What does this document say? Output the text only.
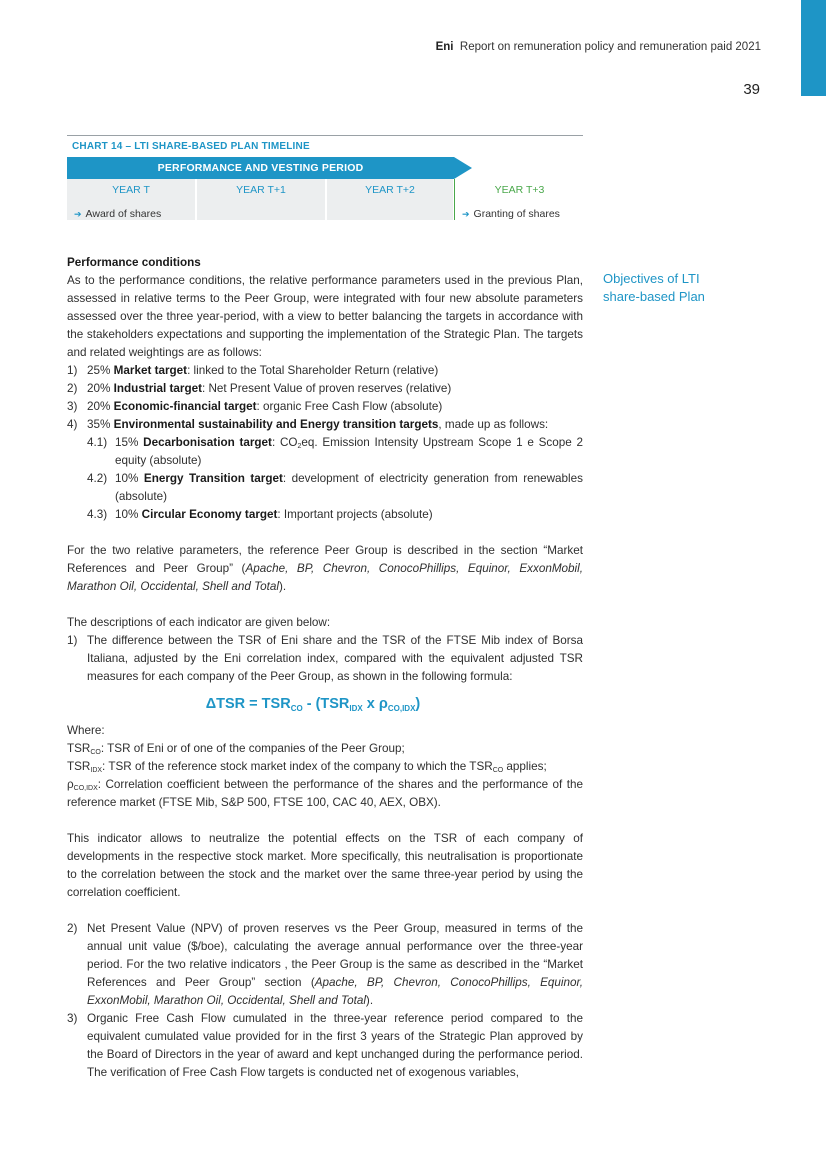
Eni Report on remuneration policy and remuneration paid 2021
39
CHART 14 – LTI SHARE-BASED PLAN TIMELINE
PERFORMANCE AND VESTING PERIOD
YEAR T
➔ Award of shares
YEAR T+1	YEAR T+2	YEAR T+3
➔ Granting of shares
Objectives of LTI
share-based Plan

Performance conditions

As to the performance conditions, the relative performance parameters used in the previous Plan, assessed in relative terms to the Peer Group, were integrated with four new absolute parameters assessed over the three year-period, with a view to better balancing the targets in accordance with the stakeholders expectations and supporting the implementation of the Strategic Plan. The targets and related weightings are as follows:

1) 25% Market target: linked to the Total Shareholder Return (relative)
2) 20% Industrial target: Net Present Value of proven reserves (relative)
3) 20% Economic-financial target: organic Free Cash Flow (absolute)
4) 35% Environmental sustainability and Energy transition targets, made up as follows:
4.1) 15% Decarbonisation target: $CO_2eq$. Emission Intensity Upstream Scope 1 e Scope 2 equity (absolute)
4.2) 10% Energy Transition target: development of electricity generation from renewables (absolute)
4.3) 10% Circular Economy target: Important projects (absolute)

For the two relative parameters, the reference Peer Group is described in the section “Market References and Peer Group” (Apache, BP, Chevron, ConocoPhillips, Equinor, ExxonMobil, Marathon Oil, Occidental, Shell and Total).

The descriptions of each indicator are given below:

1) The difference between the TSR of Eni share and the TSR of the FTSE Mib index of Borsa Italiana, adjusted by the Eni correlation index, compared with the equivalent adjusted TSR measures for each company of the Peer Group, as shown in the following formula:
$\Delta TSR = TSR_{CO} - (TSR_{IDX}$ x $\rho_{CO,IDX}$)

Where:

$TSR_{CO}$: TSR of Eni or of one of the companies of the Peer Group;

$TSR_{IDX}$: TSR of the reference stock market index of the company to which the $TSR_{CO}$ applies;

$\rho_{CO,IDX}$: Correlation coefficient between the performance of the shares and the performance of the reference market (FTSE Mib, S&P 500, FTSE 100, CAC 40, AEX, OBX).

This indicator allows to neutralize the potential effects on the TSR of each company of developments in the respective stock market. More specifically, this neutralisation is proportionate to the correlation between the stock and the market over the same three-year period by using the correlation coefficient.

2) Net Present Value (NPV) of proven reserves vs the Peer Group, measured in terms of the annual unit value ($/boe), calculating the average annual performance over the three-year period. For the two relative indicators , the Peer Group is the same as described in the “Market References and Peer Group” section (Apache, BP, Chevron, ConocoPhillips, Equinor, ExxonMobil, Marathon Oil, Occidental, Shell and Total).
3) Organic Free Cash Flow cumulated in the three-year reference period compared to the equivalent cumulated value provided for in the first 3 years of the Strategic Plan approved by the Board of Directors in the year of award and kept unchanged during the performance period. The verification of Free Cash Flow targets is conducted net of exogenous variables,
